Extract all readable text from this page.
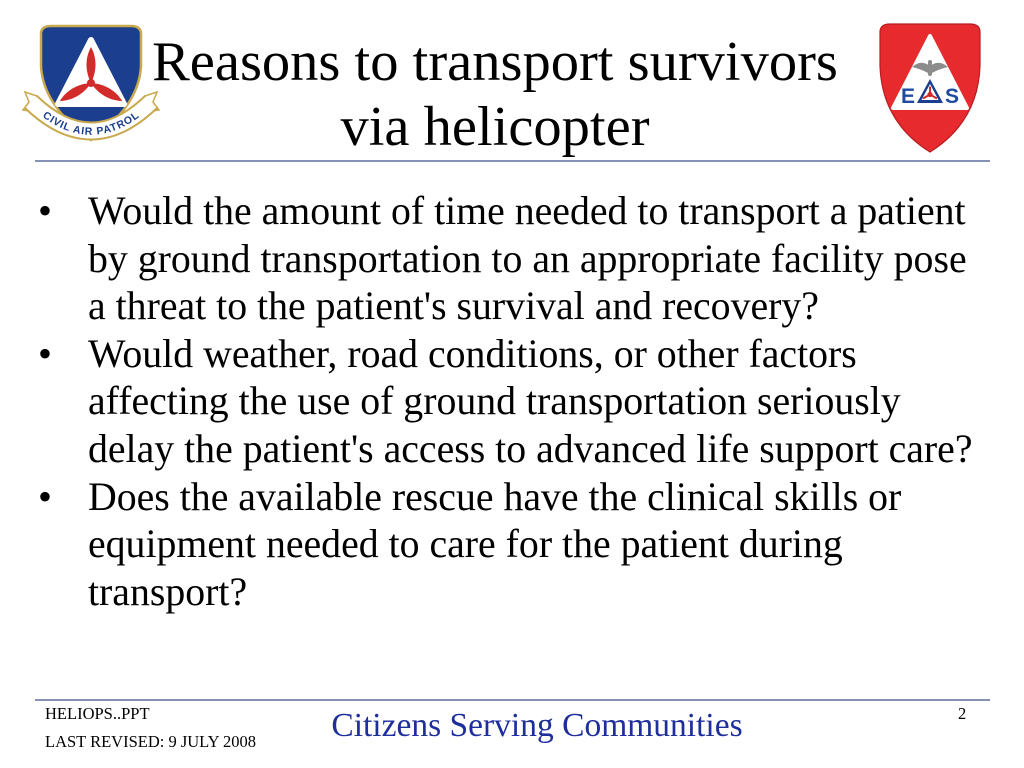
CIVIL AIR PATROL
Reasons to transport survivors
via helicopter	E S
• Would the amount of time needed to transport a patient by ground transportation to an appropriate facility pose a threat to the patient's survival and recovery?
• Would weather, road conditions, or other factors affecting the use of ground transportation seriously delay the patient's access to advanced life support care?
• Does the available rescue have the clinical skills or equipment needed to care for the patient during transport?
HELIOPS..PPT
LAST REVISED: 9 JULY 2008	Citizens Serving Communities	2
